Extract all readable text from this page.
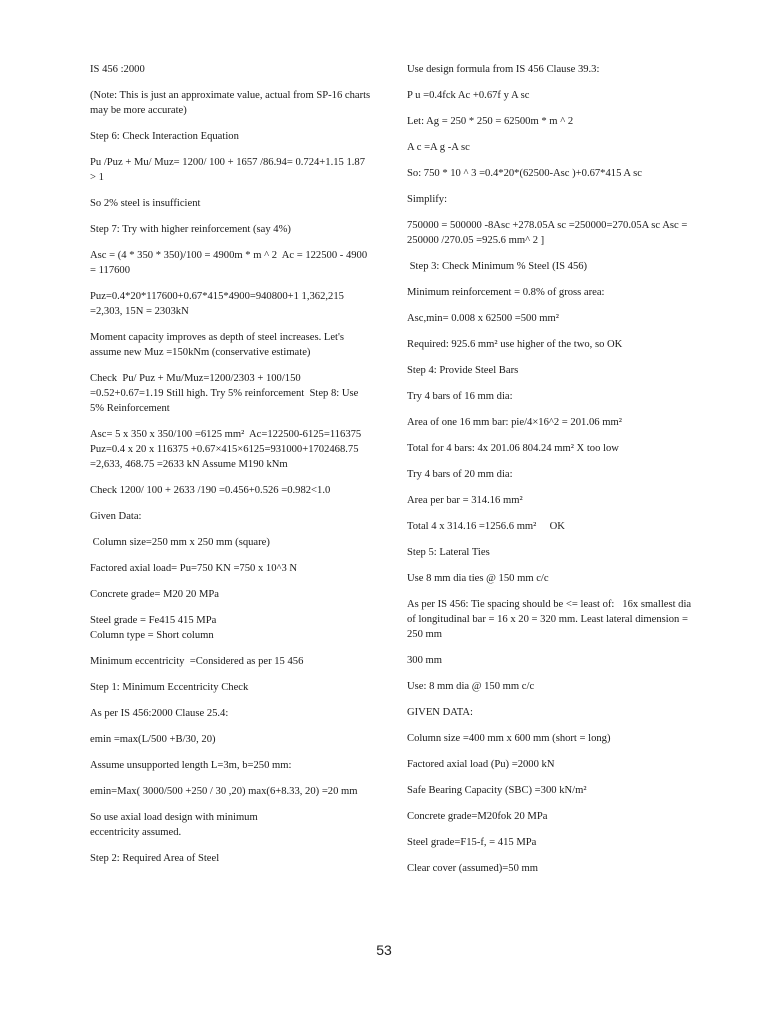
IS 456 :2000

(Note: This is just an approximate value, actual from SP-16 charts may be more accurate)

Step 6: Check Interaction Equation

Pu /Puz + Mu/ Muz= 1200/ 100 + 1657 /86.94= 0.724+1.15 1.87 > 1

So 2% steel is insufficient

Step 7: Try with higher reinforcement (say 4%)

Asc = (4 * 350 * 350)/100 = 4900m * m ^ 2  Ac = 122500 - 4900 = 117600

Puz=0.4*20*117600+0.67*415*4900=940800+1 1,362,215 =2,303, 15N = 2303kN

Moment capacity improves as depth of steel increases. Let's assume new Muz =150kNm (conservative estimate)

Check  Pu/ Puz + Mu/Muz=1200/2303 + 100/150
=0.52+0.67=1.19 Still high. Try 5% reinforcement  Step 8: Use 5% Reinforcement

Asc= 5 x 350 x 350/100 =6125 mm²  Ac=122500-6125=116375  Puz=0.4 x 20 x 116375 +0.67×415×6125=931000+1702468.75 =2,633, 468.75 =2633 kN Assume M190 kNm

Check 1200/ 100 + 2633 /190 =0.456+0.526 =0.982<1.0

Given Data:

Column size=250 mm x 250 mm (square)

Factored axial load= Pu=750 KN =750 x 10^3 N

Concrete grade= M20 20 MPa

Steel grade = Fe415 415 MPa
Column type = Short column

Minimum eccentricity  =Considered as per 15 456

Step 1: Minimum Eccentricity Check

As per IS 456:2000 Clause 25.4:

emin =max(L/500 +B/30, 20)

Assume unsupported length L=3m, b=250 mm:

emin=Max( 3000/500 +250 / 30 ,20) max(6+8.33, 20) =20 mm

So use axial load design with minimum
eccentricity assumed.

Step 2: Required Area of Steel

Use design formula from IS 456 Clause 39.3:

P u =0.4fck Ac +0.67f y A sc

Let: Ag = 250 * 250 = 62500m * m ^ 2

A c =A g -A sc

So: 750 * 10 ^ 3 =0.4*20*(62500-Asc )+0.67*415 A sc

Simplify:

750000 = 500000 -8Asc +278.05A sc =250000=270.05A sc Asc = 250000 /270.05 =925.6 mm^ 2 ]

Step 3: Check Minimum % Steel (IS 456)

Minimum reinforcement = 0.8% of gross area:

Asc,min= 0.008 x 62500 =500 mm²

Required: 925.6 mm² use higher of the two, so OK

Step 4: Provide Steel Bars

Try 4 bars of 16 mm dia:

Area of one 16 mm bar: pie/4×16^2 = 201.06 mm²

Total for 4 bars: 4x 201.06 804.24 mm² X too low

Try 4 bars of 20 mm dia:

Area per bar = 314.16 mm²

Total 4 x 314.16 =1256.6 mm²     OK

Step 5: Lateral Ties

Use 8 mm dia ties @ 150 mm c/c

As per IS 456: Tie spacing should be <= least of:   16x smallest dia of longitudinal bar = 16 x 20 = 320 mm. Least lateral dimension = 250 mm

300 mm

Use: 8 mm dia @ 150 mm c/c

GIVEN DATA:

Column size =400 mm x 600 mm (short = long)

Factored axial load (Pu) =2000 kN

Safe Bearing Capacity (SBC) =300 kN/m²

Concrete grade=M20fok 20 MPa

Steel grade=F15-f, = 415 MPa

Clear cover (assumed)=50 mm

53
